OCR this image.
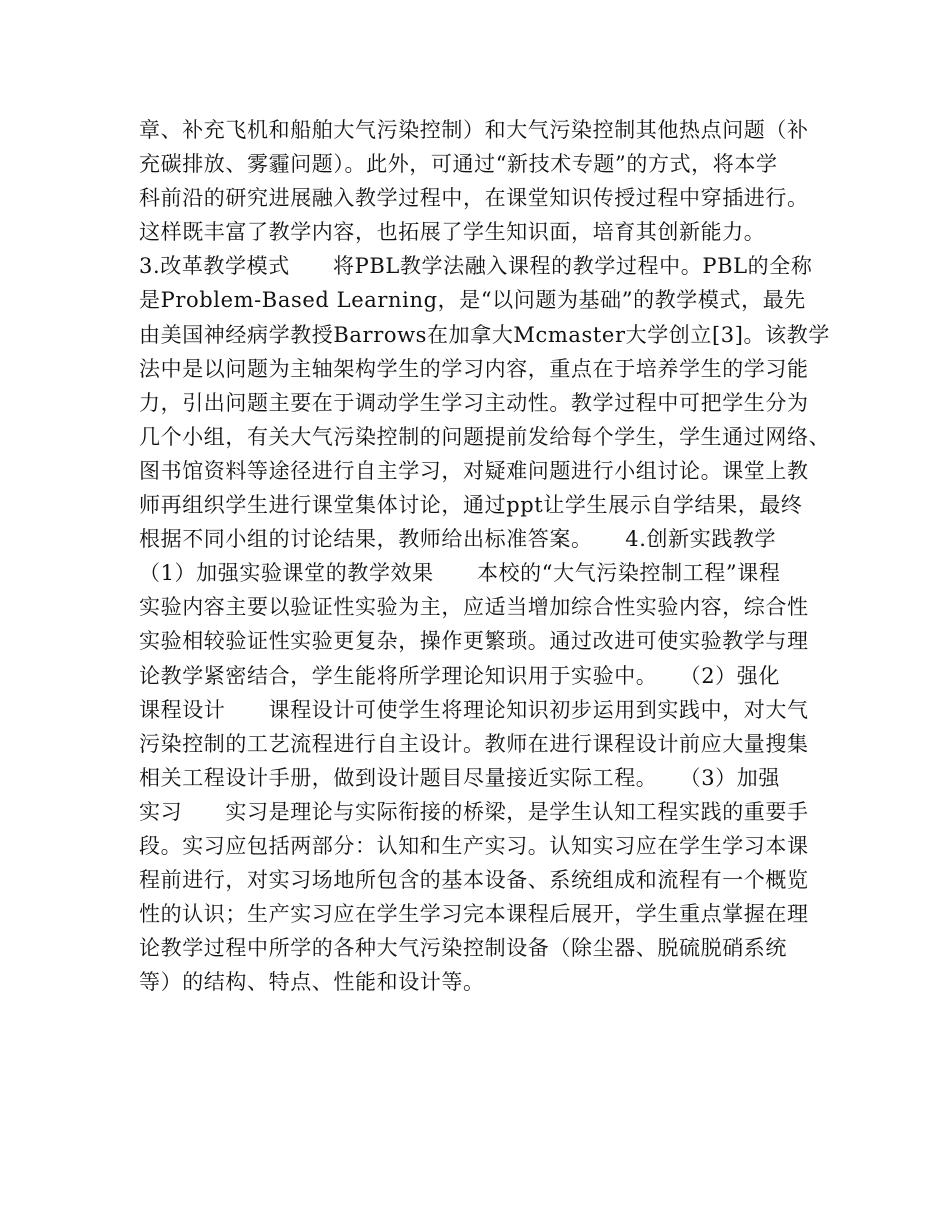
章、补充飞机和船舶大气污染控制）和大气污染控制其他热点问题（补
充碳排放、雾霾问题）。此外，可通过“新技术专题”的方式，将本学
科前沿的研究进展融入教学过程中，在课堂知识传授过程中穿插进行。
这样既丰富了教学内容，也拓展了学生知识面，培育其创新能力。
3.改革教学模式　　将PBL教学法融入课程的教学过程中。PBL的全称
是Problem-Based Learning，是“以问题为基础”的教学模式，最先
由美国神经病学教授Barrows在加拿大Mcmaster大学创立[3]。该教学
法中是以问题为主轴架构学生的学习内容，重点在于培养学生的学习能
力，引出问题主要在于调动学生学习主动性。教学过程中可把学生分为
几个小组，有关大气污染控制的问题提前发给每个学生，学生通过网络、
图书馆资料等途径进行自主学习，对疑难问题进行小组讨论。课堂上教
师再组织学生进行课堂集体讨论，通过ppt让学生展示自学结果，最终
根据不同小组的讨论结果，教师给出标准答案。　　4.创新实践教学
（1）加强实验课堂的教学效果　　本校的“大气污染控制工程”课程
实验内容主要以验证性实验为主，应适当增加综合性实验内容，综合性
实验相较验证性实验更复杂，操作更繁琐。通过改进可使实验教学与理
论教学紧密结合，学生能将所学理论知识用于实验中。　　（2）强化
课程设计　　课程设计可使学生将理论知识初步运用到实践中，对大气
污染控制的工艺流程进行自主设计。教师在进行课程设计前应大量搜集
相关工程设计手册，做到设计题目尽量接近实际工程。　　（3）加强
实习　　实习是理论与实际衔接的桥梁，是学生认知工程实践的重要手
段。实习应包括两部分：认知和生产实习。认知实习应在学生学习本课
程前进行，对实习场地所包含的基本设备、系统组成和流程有一个概览
性的认识；生产实习应在学生学习完本课程后展开，学生重点掌握在理
论教学过程中所学的各种大气污染控制设备（除尘器、脱硫脱硝系统
等）的结构、特点、性能和设计等。
